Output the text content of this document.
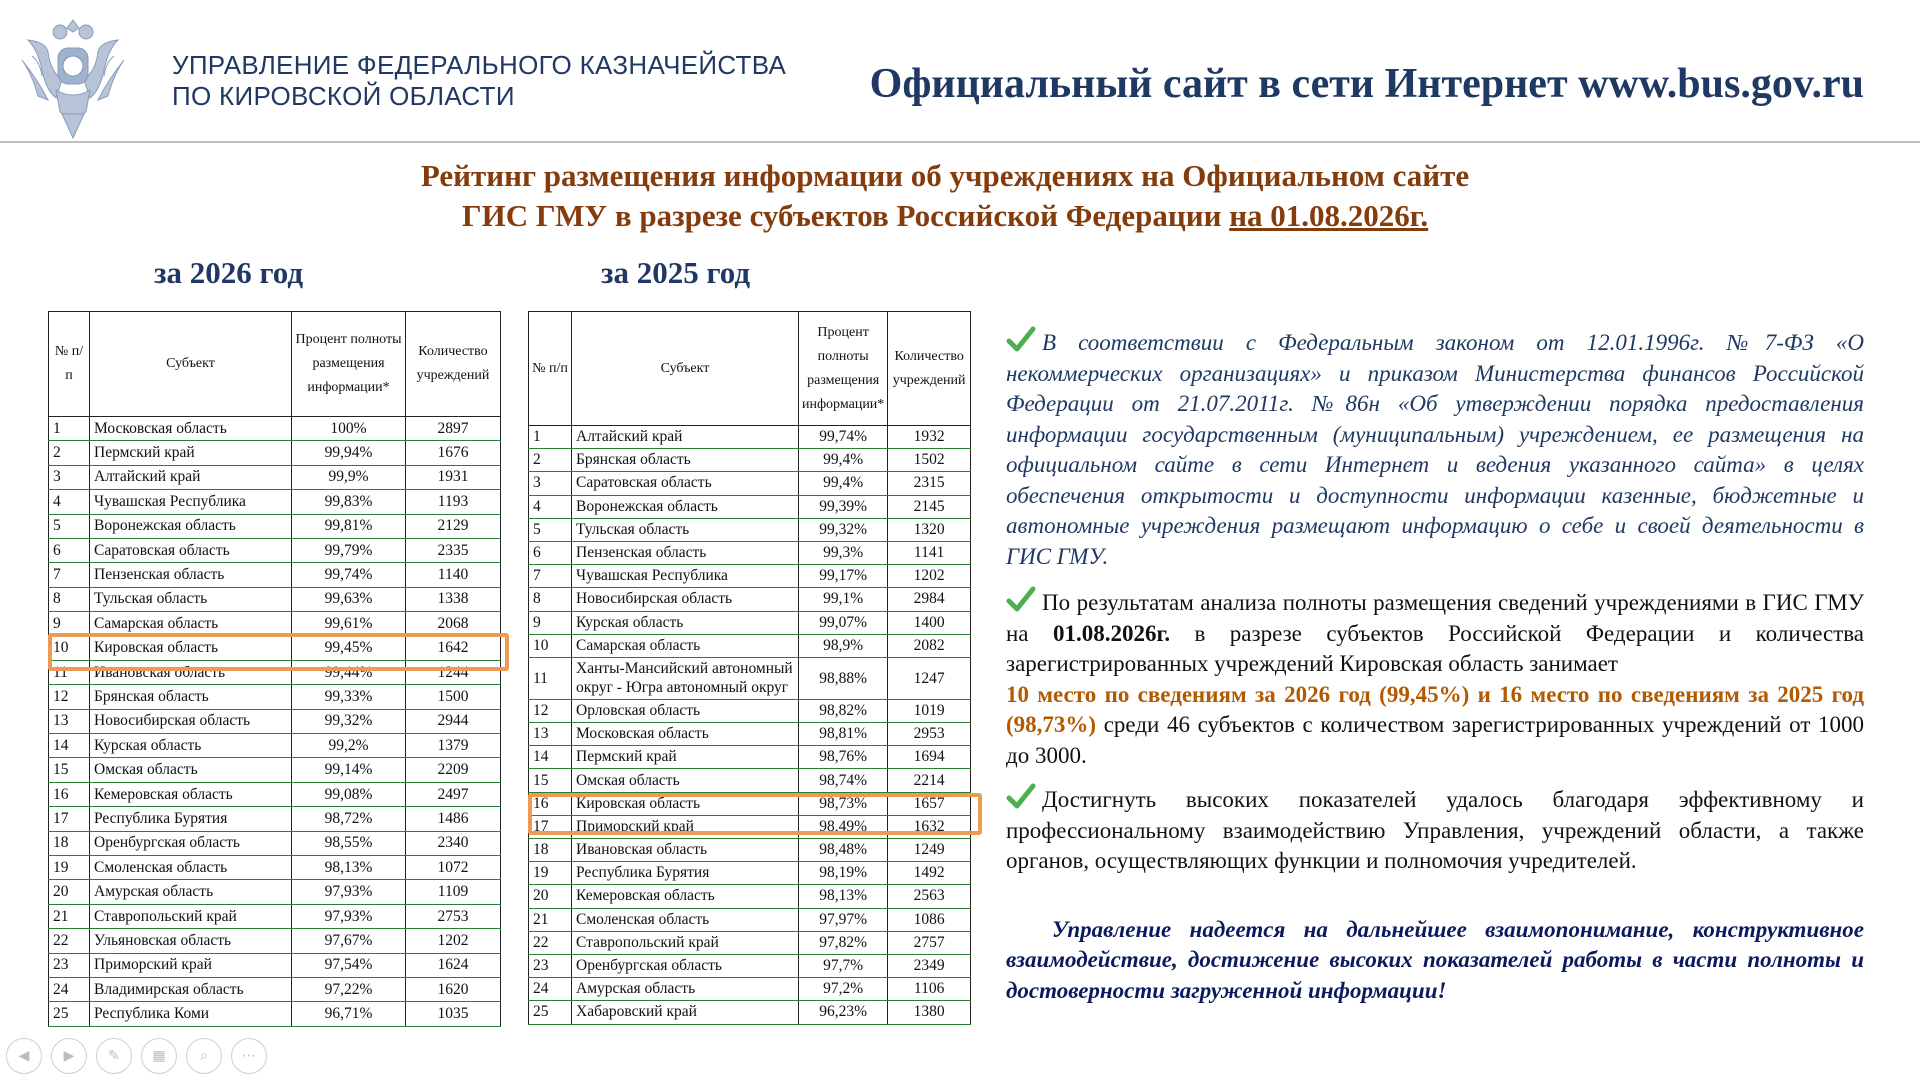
УПРАВЛЕНИЕ ФЕДЕРАЛЬНОГО КАЗНАЧЕЙСТВА
ПО КИРОВСКОЙ ОБЛАСТИ	Официальный сайт в сети Интернет www.bus.gov.ru
Рейтинг размещения информации об учреждениях на Официальном сайте
ГИС ГМУ в разрезе субъектов Российской Федерации на 01.08.2026г.
за 2026 год	за 2025 год
№ п/п	Субъект	Процент полноты размещения информации*	Количество учреждений
1	Московская область	100%	2897
2	Пермский край	99,94%	1676
3	Алтайский край	99,9%	1931
4	Чувашская Республика	99,83%	1193
5	Воронежская область	99,81%	2129
6	Саратовская область	99,79%	2335
7	Пензенская область	99,74%	1140
8	Тульская область	99,63%	1338
9	Самарская область	99,61%	2068
10	Кировская область	99,45%	1642
11	Ивановская область	99,44%	1244
12	Брянская область	99,33%	1500
13	Новосибирская область	99,32%	2944
14	Курская область	99,2%	1379
15	Омская область	99,14%	2209
16	Кемеровская область	99,08%	2497
17	Республика Бурятия	98,72%	1486
18	Оренбургская область	98,55%	2340
19	Смоленская область	98,13%	1072
20	Амурская область	97,93%	1109
21	Ставропольский край	97,93%	2753
22	Ульяновская область	97,67%	1202
23	Приморский край	97,54%	1624
24	Владимирская область	97,22%	1620
25	Республика Коми	96,71%	1035
№ п/п	Субъект	Процент полноты размещения информации*	Количество учреждений
1	Алтайский край	99,74%	1932
2	Брянская область	99,4%	1502
3	Саратовская область	99,4%	2315
4	Воронежская область	99,39%	2145
5	Тульская область	99,32%	1320
6	Пензенская область	99,3%	1141
7	Чувашская Республика	99,17%	1202
8	Новосибирская область	99,1%	2984
9	Курская область	99,07%	1400
10	Самарская область	98,9%	2082
11	Ханты-Мансийский автономный округ - Югра автономный округ	98,88%	1247
12	Орловская область	98,82%	1019
13	Московская область	98,81%	2953
14	Пермский край	98,76%	1694
15	Омская область	98,74%	2214
16	Кировская область	98,73%	1657
17	Приморский край	98,49%	1632
18	Ивановская область	98,48%	1249
19	Республика Бурятия	98,19%	1492
20	Кемеровская область	98,13%	2563
21	Смоленская область	97,97%	1086
22	Ставропольский край	97,82%	2757
23	Оренбургская область	97,7%	2349
24	Амурская область	97,2%	1106
25	Хабаровский край	96,23%	1380

В соответствии с Федеральным законом от 12.01.1996г. №7-ФЗ «О некоммерческих организациях» и приказом Министерства финансов Российской Федерации от 21.07.2011г. №86н «Об утверждении порядка предоставления информации государственным (муниципальным) учреждением, ее размещения на официальном сайте в сети Интернет и ведения указанного сайта» в целях обеспечения открытости и доступности информации казенные, бюджетные и автономные учреждения размещают информацию о себе и своей деятельности в ГИС ГМУ.

По результатам анализа полноты размещения сведений учреждениями в ГИС ГМУ на 01.08.2026г. в разрезе субъектов Российской Федерации и количества зарегистрированных учреждений Кировская область занимает
10 место по сведениям за 2026 год (99,45%) и 16 место по сведениям за 2025 год (98,73%) среди 46 субъектов с количеством зарегистрированных учреждений от 1000 до 3000.

Достигнуть высоких показателей удалось благодаря эффективному и профессиональному взаимодействию Управления, учреждений области, а также органов, осуществляющих функции и полномочия учредителей.

Управление надеется на дальнейшее взаимопонимание, конструктивное взаимодействие, достижение высоких показателей работы в части полноты и достоверности загруженной информации!

◀	▶	✎	▦	⌕	⋯
